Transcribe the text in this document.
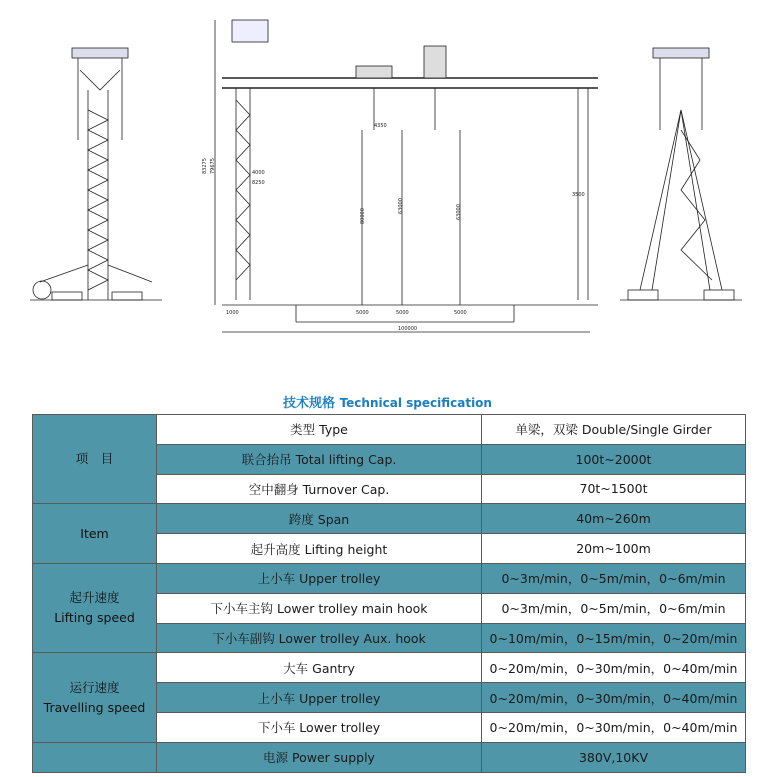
100000
83275 79675
80000
63000	63000
5000	5000	5000
4350
1000
3500
8250
4000
技术规格 Technical specification
项　目	类型 Type	单梁，双梁 Double/Single Girder
	联合抬吊 Total lifting Cap.	100t~2000t
	空中翻身 Turnover Cap.	70t~1500t
Item	跨度 Span	40m~260m
	起升高度 Lifting height	20m~100m
起升速度
Lifting speed	上小车 Upper trolley	0~3m/min，0~5m/min，0~6m/min
	下小车主钩 Lower trolley main hook	0~3m/min，0~5m/min，0~6m/min
	下小车副钩 Lower trolley Aux. hook	0~10m/min，0~15m/min，0~20m/min
运行速度
Travelling speed	大车 Gantry	0~20m/min，0~30m/min，0~40m/min
	上小车 Upper trolley	0~20m/min，0~30m/min，0~40m/min
	下小车 Lower trolley	0~20m/min，0~30m/min，0~40m/min
	电源 Power supply	380V,10KV
